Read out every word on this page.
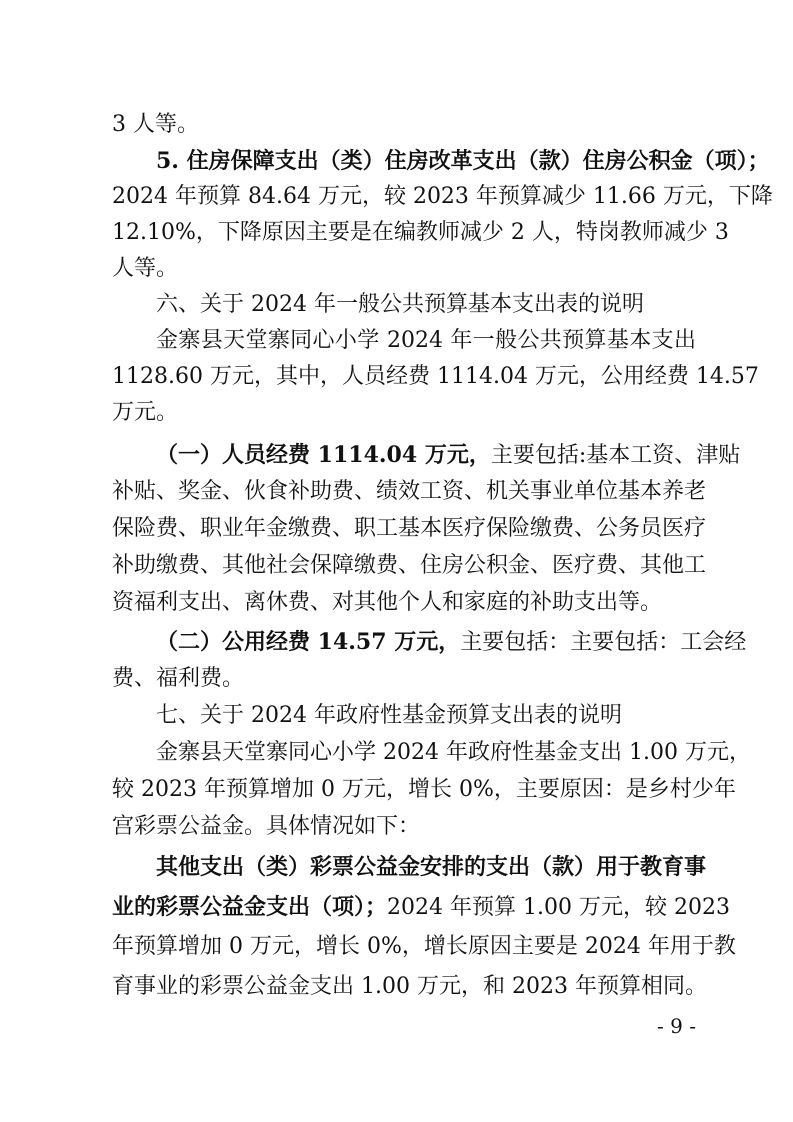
3 人等。
5. 住房保障支出（类）住房改革支出（款）住房公积金（项）；
2024 年预算 84.64 万元，较 2023 年预算减少 11.66 万元，下降
12.10%，下降原因主要是在编教师减少 2 人，特岗教师减少 3
人等。
六、关于 2024 年一般公共预算基本支出表的说明
金寨县天堂寨同心小学 2024 年一般公共预算基本支出
1128.60 万元，其中，人员经费 1114.04 万元，公用经费 14.57
万元。
（一）人员经费 1114.04 万元，主要包括:基本工资、津贴
补贴、奖金、伙食补助费、绩效工资、机关事业单位基本养老
保险费、职业年金缴费、职工基本医疗保险缴费、公务员医疗
补助缴费、其他社会保障缴费、住房公积金、医疗费、其他工
资福利支出、离休费、对其他个人和家庭的补助支出等。
（二）公用经费 14.57 万元，主要包括：主要包括：工会经
费、福利费。
七、关于 2024 年政府性基金预算支出表的说明
金寨县天堂寨同心小学 2024 年政府性基金支出 1.00 万元，
较 2023 年预算增加 0 万元，增长 0%，主要原因：是乡村少年
宫彩票公益金。具体情况如下：
其他支出（类）彩票公益金安排的支出（款）用于教育事
业的彩票公益金支出（项）；2024 年预算 1.00 万元，较 2023
年预算增加 0 万元，增长 0%，增长原因主要是 2024 年用于教
育事业的彩票公益金支出 1.00 万元，和 2023 年预算相同。
- 9 -
